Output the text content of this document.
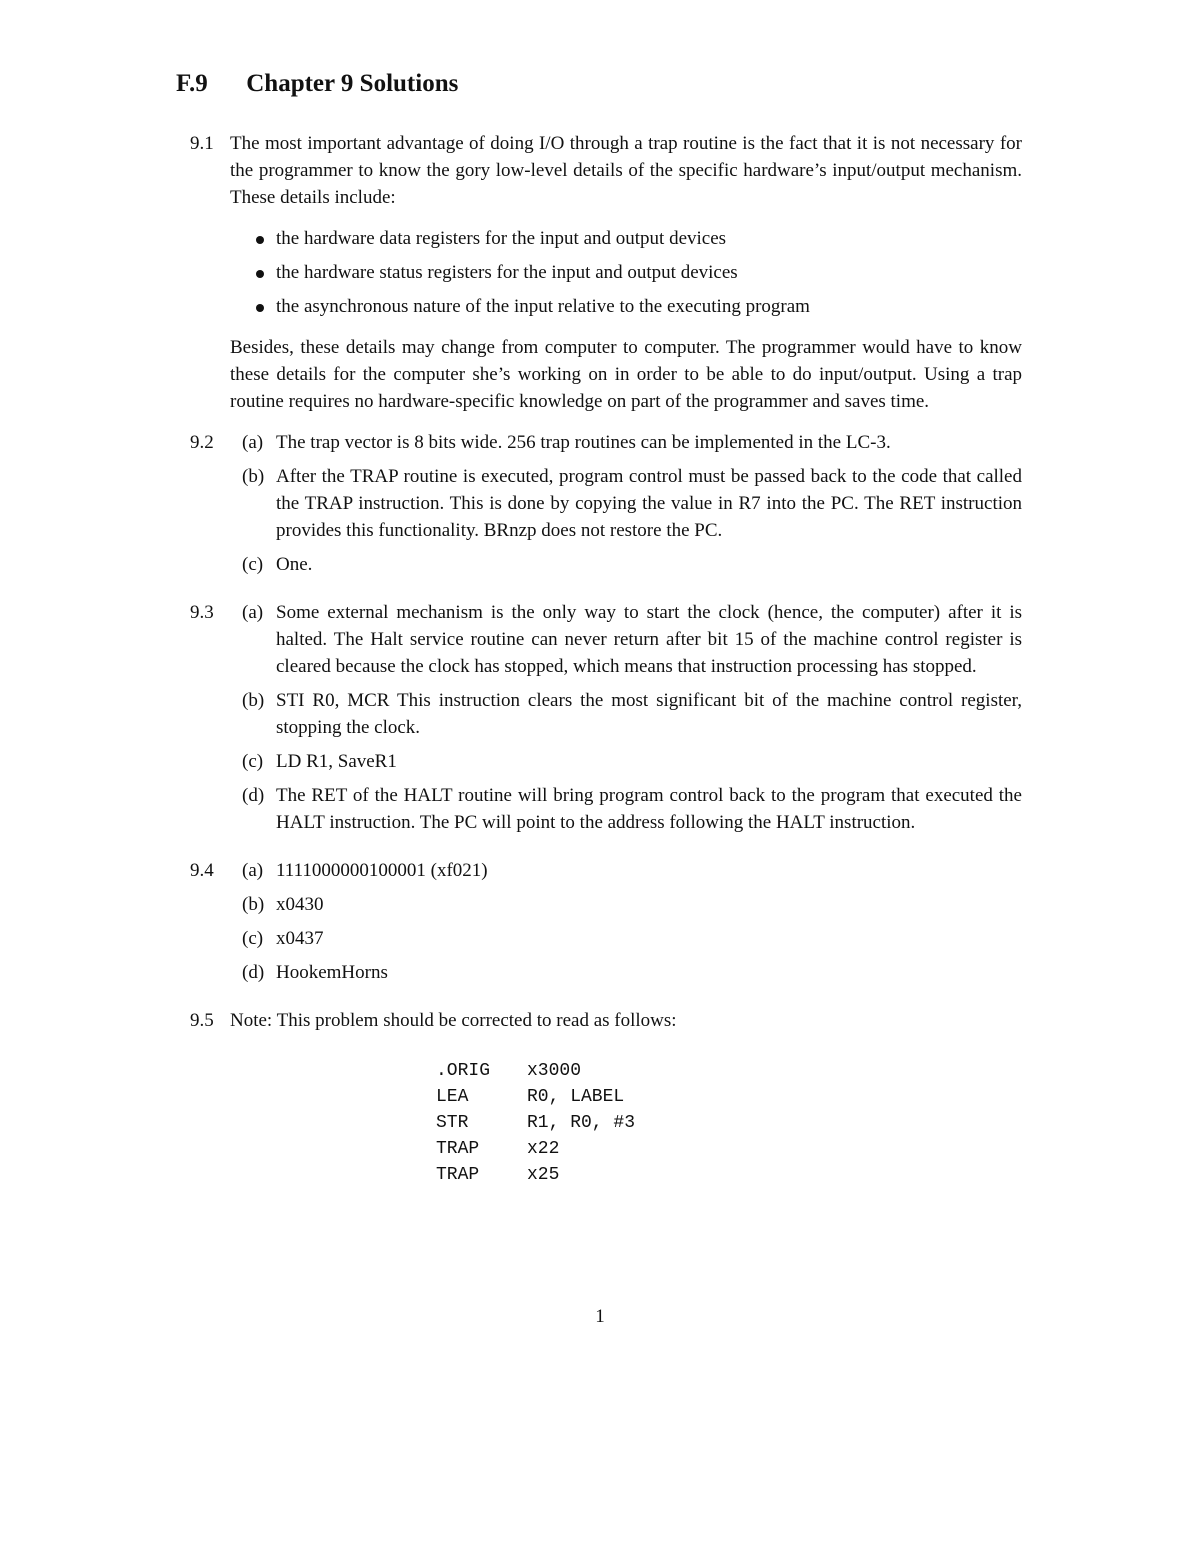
F.9 Chapter 9 Solutions
9.1 The most important advantage of doing I/O through a trap routine is the fact that it is not necessary for the programmer to know the gory low-level details of the specific hardware’s input/output mechanism. These details include:
the hardware data registers for the input and output devices
the hardware status registers for the input and output devices
the asynchronous nature of the input relative to the executing program
Besides, these details may change from computer to computer. The programmer would have to know these details for the computer she’s working on in order to be able to do input/output. Using a trap routine requires no hardware-specific knowledge on part of the programmer and saves time.
9.2 (a) The trap vector is 8 bits wide. 256 trap routines can be implemented in the LC-3.
(b) After the TRAP routine is executed, program control must be passed back to the code that called the TRAP instruction. This is done by copying the value in R7 into the PC. The RET instruction provides this functionality. BRnzp does not restore the PC.
(c) One.
9.3 (a) Some external mechanism is the only way to start the clock (hence, the computer) after it is halted. The Halt service routine can never return after bit 15 of the machine control register is cleared because the clock has stopped, which means that instruction processing has stopped.
(b) STI R0, MCR This instruction clears the most significant bit of the machine control register, stopping the clock.
(c) LD R1, SaveR1
(d) The RET of the HALT routine will bring program control back to the program that executed the HALT instruction. The PC will point to the address following the HALT instruction.
9.4 (a) 1111000000100001 (xf021)
(b) x0430
(c) x0437
(d) HookemHorns
9.5 Note: This problem should be corrected to read as follows:
.ORIG x3000
LEA	R0, LABEL
STR	R1, R0, #3
TRAP	x22
TRAP	x25
1
